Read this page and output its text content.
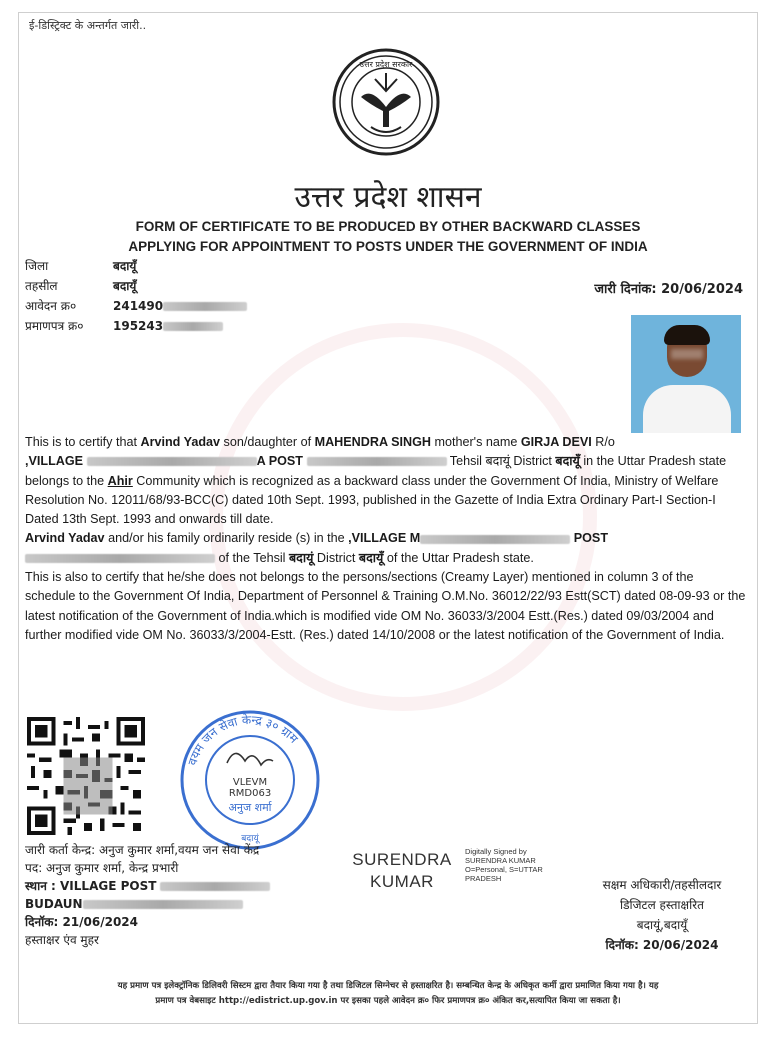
ई-डिस्ट्रिक्ट के अन्तर्गत जारी..
उत्तर प्रदेश सरकार
उत्तर प्रदेश शासन
FORM OF CERTIFICATE TO BE PRODUCED BY OTHER BACKWARD CLASSES
APPLYING FOR APPOINTMENT TO POSTS UNDER THE GOVERNMENT OF INDIA
जिला	बदायूँ
तहसील	बदायूँ
आवेदन क्र०	241490
प्रमाणपत्र क्र० 195243
जारी दिनांक: 20/06/2024

This is to certify that Arvind Yadav son/daughter of MAHENDRA SINGH mother's name GIRJA DEVI R/o
,VILLAGE	A POST	Tehsil बदायूं District बदायूँ in the Uttar Pradesh state belongs to the Ahir Community which is recognized as a backward class under the Government Of India, Ministry of Welfare Resolution No. 12011/68/93-BCC(C) dated 10th Sept. 1993, published in the Gazette of India Extra Ordinary Part-I Section-I Dated 13th Sept. 1993 and onwards till date.

Arvind Yadav and/or his family ordinarily reside (s) in the ,VILLAGE M	POST
of the Tehsil बदायूं District बदायूँ of the Uttar Pradesh state.

This is also to certify that he/she does not belongs to the persons/sections (Creamy Layer) mentioned in column 3 of the schedule to the Government Of India, Department of Personnel & Training O.M.No. 36012/22/93 Estt(SCT) dated 08-09-93 or the latest notification of the Government of India.which is modified vide OM No. 36033/3/2004 Estt.(Res.) dated 09/03/2004 and further modified vide OM No. 36033/3/2004-Estt. (Res.) dated 14/10/2008 or the latest notification of the Government of India.

वयम जन सेवा केन्द्र ३० ग्राम
VLEVM
RMD063
अनुज शर्मा
बदायूं
जारी कर्ता केन्द्र: अनुज कुमार शर्मा,वयम जन सेवा केंद्र
पद: अनुज कुमार शर्मा, केन्द्र प्रभारी
स्थान : VILLAGE POST
BUDAUN
दिनॉक: 21/06/2024
हस्ताक्षर एंव मुहर
SURENDRA
KUMAR
Digitally Signed by
SURENDRA KUMAR
O=Personal, S=UTTAR
PRADESH	सक्षम अधिकारी/तहसीलदार
डिजिटल हस्ताक्षरित
बदायूं,बदायूँ
दिनॉक: 20/06/2024
यह प्रमाण पत्र इलेक्ट्रॉनिक डिलिवरी सिस्टम द्वारा तैयार किया गया है तथा डिजिटल सिग्नेचर से हस्ताक्षरित है। सम्बन्धित केन्द्र के अधिकृत कर्मी द्वारा प्रमाणित किया गया है। यह
प्रमाण पत्र वेबसाइट http://edistrict.up.gov.in पर इसका पहले आवेदन क्र० फिर प्रमाणपत्र क्र० अंकित कर,सत्यापित किया जा सकता है।
